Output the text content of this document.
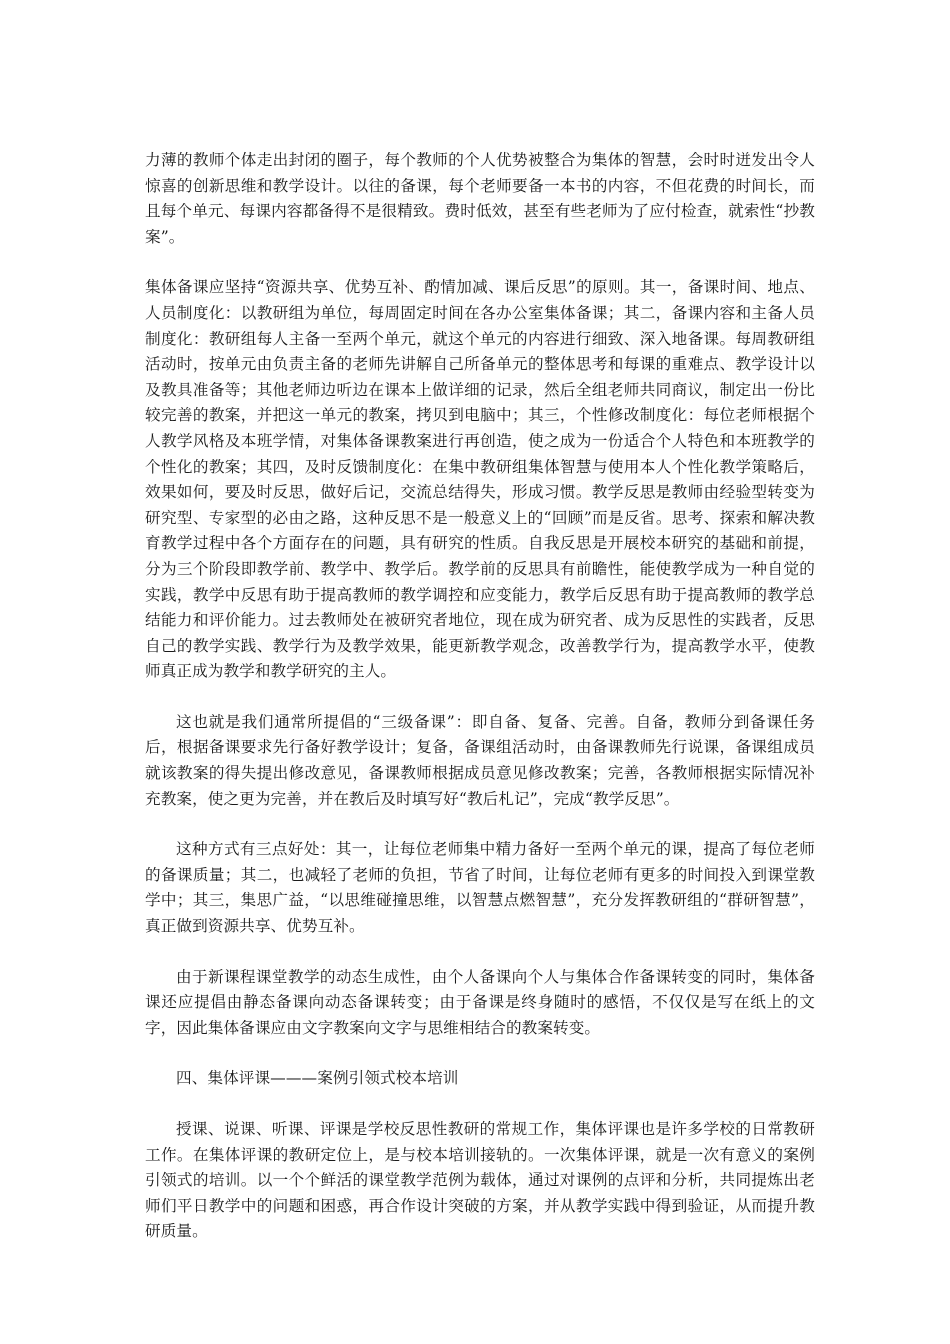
力薄的教师个体走出封闭的圈子，每个教师的个人优势被整合为集体的智慧，会时时迸发出令人惊喜的创新思维和教学设计。以往的备课，每个老师要备一本书的内容，不但花费的时间长，而且每个单元、每课内容都备得不是很精致。费时低效，甚至有些老师为了应付检查，就索性“抄教案”。

集体备课应坚持“资源共享、优势互补、酌情加减、课后反思”的原则。其一，备课时间、地点、人员制度化：以教研组为单位，每周固定时间在各办公室集体备课；其二，备课内容和主备人员制度化：教研组每人主备一至两个单元，就这个单元的内容进行细致、深入地备课。每周教研组活动时，按单元由负责主备的老师先讲解自己所备单元的整体思考和每课的重难点、教学设计以及教具准备等；其他老师边听边在课本上做详细的记录，然后全组老师共同商议，制定出一份比较完善的教案，并把这一单元的教案，拷贝到电脑中；其三，个性修改制度化：每位老师根据个人教学风格及本班学情，对集体备课教案进行再创造，使之成为一份适合个人特色和本班教学的个性化的教案；其四，及时反馈制度化：在集中教研组集体智慧与使用本人个性化教学策略后，效果如何，要及时反思，做好后记，交流总结得失，形成习惯。教学反思是教师由经验型转变为研究型、专家型的必由之路，这种反思不是一般意义上的“回顾”而是反省。思考、探索和解决教育教学过程中各个方面存在的问题，具有研究的性质。自我反思是开展校本研究的基础和前提，分为三个阶段即教学前、教学中、教学后。教学前的反思具有前瞻性，能使教学成为一种自觉的实践，教学中反思有助于提高教师的教学调控和应变能力，教学后反思有助于提高教师的教学总结能力和评价能力。过去教师处在被研究者地位，现在成为研究者、成为反思性的实践者，反思自己的教学实践、教学行为及教学效果，能更新教学观念，改善教学行为，提高教学水平，使教师真正成为教学和教学研究的主人。

这也就是我们通常所提倡的“三级备课”：即自备、复备、完善。自备，教师分到备课任务后，根据备课要求先行备好教学设计；复备，备课组活动时，由备课教师先行说课，备课组成员就该教案的得失提出修改意见，备课教师根据成员意见修改教案；完善，各教师根据实际情况补充教案，使之更为完善，并在教后及时填写好“教后札记”，完成“教学反思”。

这种方式有三点好处：其一，让每位老师集中精力备好一至两个单元的课，提高了每位老师的备课质量；其二，也减轻了老师的负担，节省了时间，让每位老师有更多的时间投入到课堂教学中；其三，集思广益，“以思维碰撞思维，以智慧点燃智慧”，充分发挥教研组的“群研智慧”，真正做到资源共享、优势互补。

由于新课程课堂教学的动态生成性，由个人备课向个人与集体合作备课转变的同时，集体备课还应提倡由静态备课向动态备课转变；由于备课是终身随时的感悟，不仅仅是写在纸上的文字，因此集体备课应由文字教案向文字与思维相结合的教案转变。

四、集体评课———案例引领式校本培训

授课、说课、听课、评课是学校反思性教研的常规工作，集体评课也是许多学校的日常教研工作。在集体评课的教研定位上，是与校本培训接轨的。一次集体评课，就是一次有意义的案例引领式的培训。以一个个鲜活的课堂教学范例为载体，通过对课例的点评和分析，共同提炼出老师们平日教学中的问题和困惑，再合作设计突破的方案，并从教学实践中得到验证，从而提升教研质量。
